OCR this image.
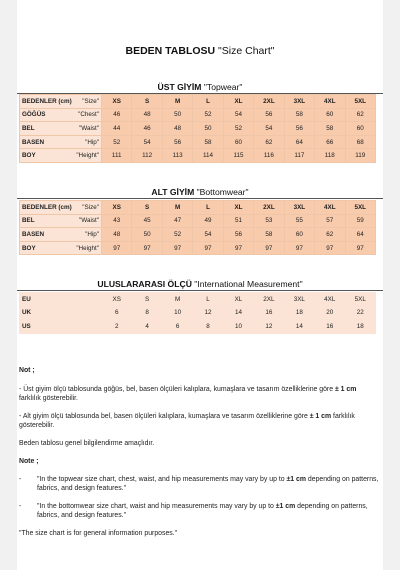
BEDEN TABLOSU "Size Chart"
ÜST GİYİM "Topwear"
BEDENLER (cm) "Size"	XS	S	M	L	XL	2XL	3XL	4XL	5XL
GÖĞÜS "Chest"	46	48	50	52	54	56	58	60	62
BEL "Waist"	44	46	48	50	52	54	56	58	60
BASEN "Hip"	52	54	56	58	60	62	64	66	68
BOY "Height"	111	112	113	114	115	116	117	118	119
ALT GİYİM "Bottomwear"
BEDENLER (cm) "Size"	XS	S	M	L	XL	2XL	3XL	4XL	5XL
BEL "Waist"	43	45	47	49	51	53	55	57	59
BASEN "Hip"	48	50	52	54	56	58	60	62	64
BOY "Height"	97	97	97	97	97	97	97	97	97
ULUSLARARASI ÖLÇÜ "International Measurement"
EU	XS	S	M	L	XL	2XL	3XL	4XL	5XL
UK	6	8	10	12	14	16	18	20	22
US	2	4	6	8	10	12	14	16	18

Not ;

- Üst giyim ölçü tablosunda göğüs, bel, basen ölçüleri kalıplara, kumaşlara ve tasarım özelliklerine göre ± 1 cm farklılık gösterebilir.

- Alt giyim ölçü tablosunda bel, basen ölçüleri kalıplara, kumaşlara ve tasarım özelliklerine göre ± 1 cm farklılık gösterebilir.

Beden tablosu genel bilgilendirme amaçlıdır.

Note ;

- "In the topwear size chart, chest, waist, and hip measurements may vary by up to ±1 cm depending on patterns, fabrics, and design features."

- "In the bottomwear size chart, waist and hip measurements may vary by up to ±1 cm depending on patterns, fabrics, and design features."

"The size chart is for general information purposes."
